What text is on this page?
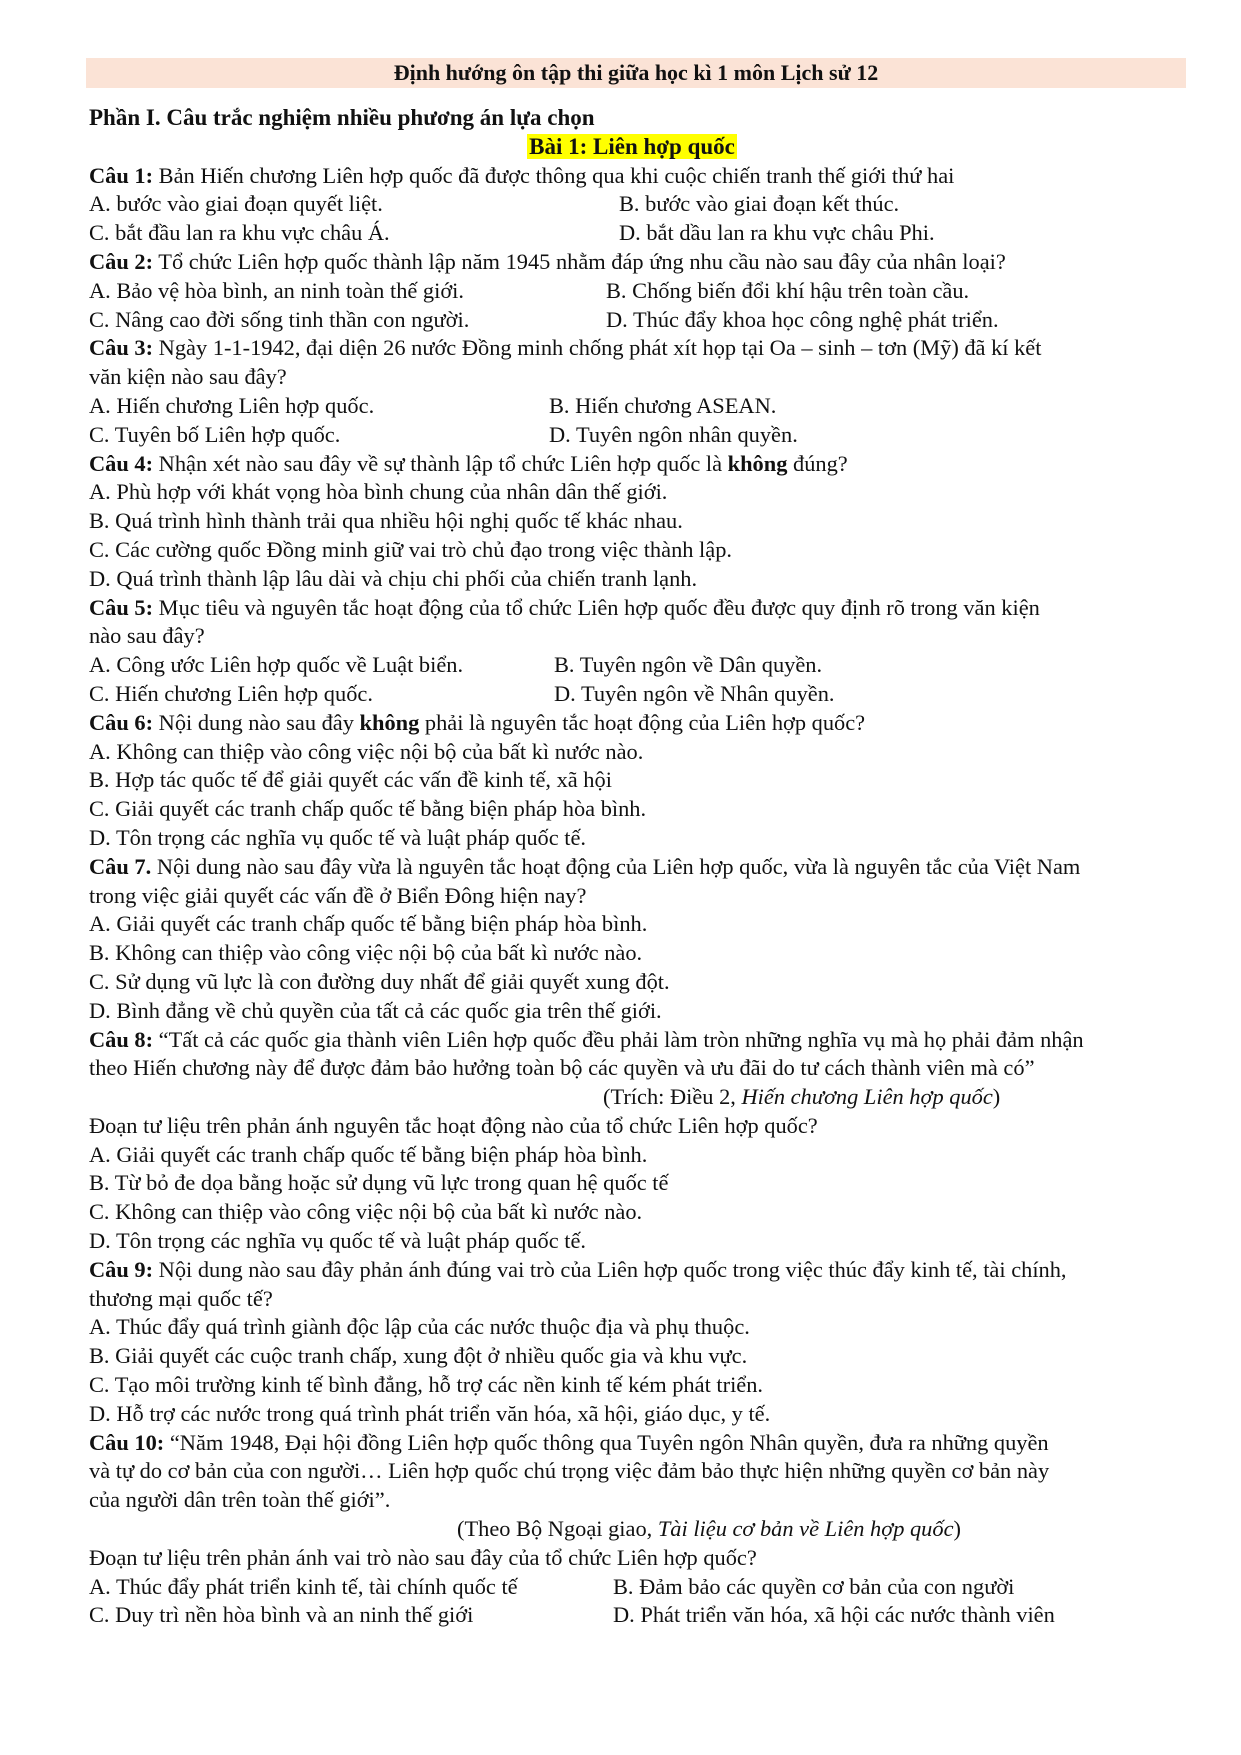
Định hướng ôn tập thi giữa học kì 1 môn Lịch sử 12
Phần I. Câu trắc nghiệm nhiều phương án lựa chọn
Bài 1: Liên hợp quốc
Câu 1: Bản Hiến chương Liên hợp quốc đã được thông qua khi cuộc chiến tranh thế giới thứ hai
A. bước vào giai đoạn quyết liệt.	B. bước vào giai đoạn kết thúc.
C. bắt đầu lan ra khu vực châu Á.	D. bắt dầu lan ra khu vực châu Phi.
Câu 2: Tổ chức Liên hợp quốc thành lập năm 1945 nhằm đáp ứng nhu cầu nào sau đây của nhân loại?
A. Bảo vệ hòa bình, an ninh toàn thế giới.	B. Chống biến đổi khí hậu trên toàn cầu.
C. Nâng cao đời sống tinh thần con người.	D. Thúc đẩy khoa học công nghệ phát triển.
Câu 3: Ngày 1-1-1942, đại diện 26 nước Đồng minh chống phát xít họp tại Oa – sinh – tơn (Mỹ) đã kí kết
văn kiện nào sau đây?
A. Hiến chương Liên hợp quốc.	B. Hiến chương ASEAN.
C. Tuyên bố Liên hợp quốc.	D. Tuyên ngôn nhân quyền.
Câu 4: Nhận xét nào sau đây về sự thành lập tổ chức Liên hợp quốc là không đúng?
A. Phù hợp với khát vọng hòa bình chung của nhân dân thế giới.
B. Quá trình hình thành trải qua nhiều hội nghị quốc tế khác nhau.
C. Các cường quốc Đồng minh giữ vai trò chủ đạo trong việc thành lập.
D. Quá trình thành lập lâu dài và chịu chi phối của chiến tranh lạnh.
Câu 5: Mục tiêu và nguyên tắc hoạt động của tổ chức Liên hợp quốc đều được quy định rõ trong văn kiện
nào sau đây?
A. Công ước Liên hợp quốc về Luật biển.	B. Tuyên ngôn về Dân quyền.
C. Hiến chương Liên hợp quốc.	D. Tuyên ngôn về Nhân quyền.
Câu 6: Nội dung nào sau đây không phải là nguyên tắc hoạt động của Liên hợp quốc?
A. Không can thiệp vào công việc nội bộ của bất kì nước nào.
B. Hợp tác quốc tế để giải quyết các vấn đề kinh tế, xã hội
C. Giải quyết các tranh chấp quốc tế bằng biện pháp hòa bình.
D. Tôn trọng các nghĩa vụ quốc tế và luật pháp quốc tế.
Câu 7. Nội dung nào sau đây vừa là nguyên tắc hoạt động của Liên hợp quốc, vừa là nguyên tắc của Việt Nam
trong việc giải quyết các vấn đề ở Biển Đông hiện nay?
A. Giải quyết các tranh chấp quốc tế bằng biện pháp hòa bình.
B. Không can thiệp vào công việc nội bộ của bất kì nước nào.
C. Sử dụng vũ lực là con đường duy nhất để giải quyết xung đột.
D. Bình đẳng về chủ quyền của tất cả các quốc gia trên thế giới.
Câu 8: “Tất cả các quốc gia thành viên Liên hợp quốc đều phải làm tròn những nghĩa vụ mà họ phải đảm nhận
theo Hiến chương này để được đảm bảo hưởng toàn bộ các quyền và ưu đãi do tư cách thành viên mà có”
(Trích: Điều 2, Hiến chương Liên hợp quốc)
Đoạn tư liệu trên phản ánh nguyên tắc hoạt động nào của tổ chức Liên hợp quốc?
A. Giải quyết các tranh chấp quốc tế bằng biện pháp hòa bình.
B. Từ bỏ đe dọa bằng hoặc sử dụng vũ lực trong quan hệ quốc tế
C. Không can thiệp vào công việc nội bộ của bất kì nước nào.
D. Tôn trọng các nghĩa vụ quốc tế và luật pháp quốc tế.
Câu 9: Nội dung nào sau đây phản ánh đúng vai trò của Liên hợp quốc trong việc thúc đẩy kinh tế, tài chính,
thương mại quốc tế?
A. Thúc đẩy quá trình giành độc lập của các nước thuộc địa và phụ thuộc.
B. Giải quyết các cuộc tranh chấp, xung đột ở nhiều quốc gia và khu vực.
C. Tạo môi trường kinh tế bình đẳng, hỗ trợ các nền kinh tế kém phát triển.
D. Hỗ trợ các nước trong quá trình phát triển văn hóa, xã hội, giáo dục, y tế.
Câu 10: “Năm 1948, Đại hội đồng Liên hợp quốc thông qua Tuyên ngôn Nhân quyền, đưa ra những quyền
và tự do cơ bản của con người… Liên hợp quốc chú trọng việc đảm bảo thực hiện những quyền cơ bản này
của người dân trên toàn thế giới”.
(Theo Bộ Ngoại giao, Tài liệu cơ bản về Liên hợp quốc)
Đoạn tư liệu trên phản ánh vai trò nào sau đây của tổ chức Liên hợp quốc?
A. Thúc đẩy phát triển kinh tế, tài chính quốc tế	B. Đảm bảo các quyền cơ bản của con người
C. Duy trì nền hòa bình và an ninh thế giới	D. Phát triển văn hóa, xã hội các nước thành viên
